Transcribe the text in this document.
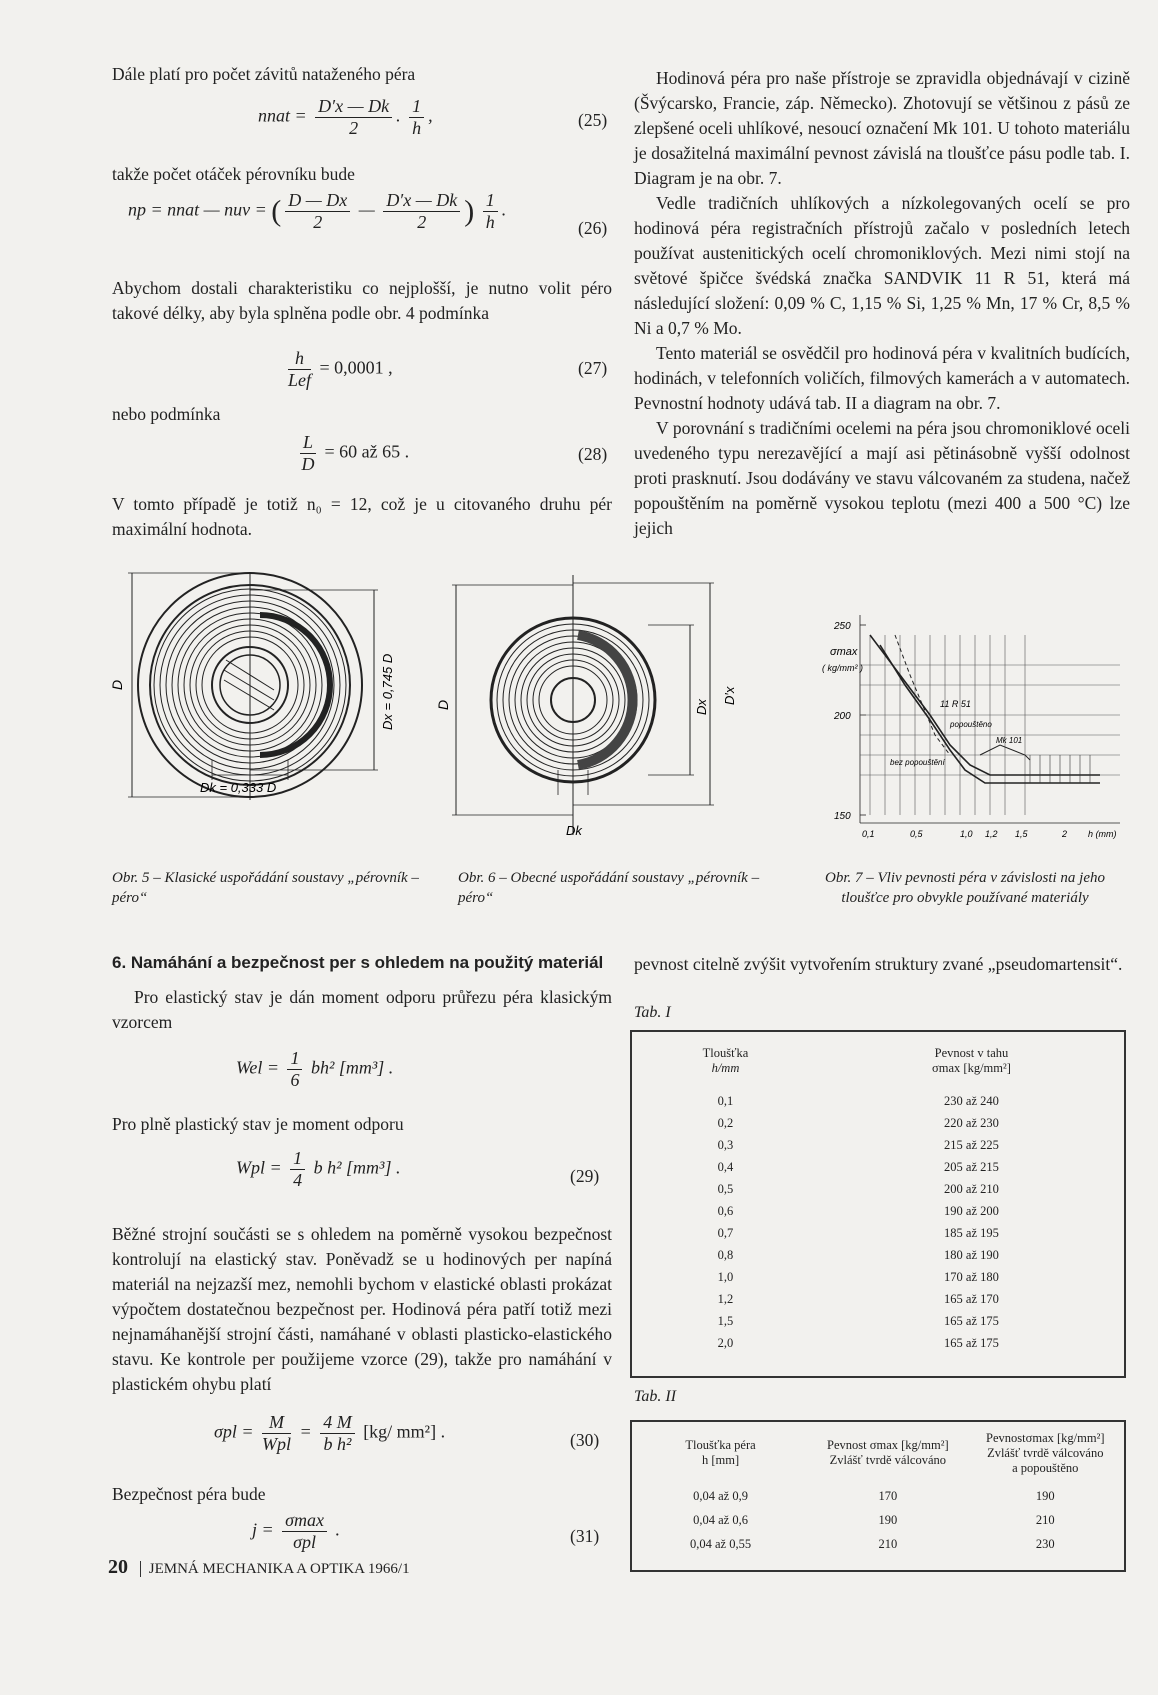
Dále platí pro počet závitů nataženého péra

nnat = $\frac{D'x — Dk}{2}$ . $\frac{1}{h}$ ,	(25)

takže počet otáček pérovníku bude

np = nnat — nuv = ( $\frac{D — Dx}{2}$ — $\frac{D'x — Dk}{2}$ ) $\frac{1}{h}$ .
(26)

Abychom dostali charakteristiku co nejplošší, je nutno volit péro takové délky, aby byla splněna podle obr. 4 podmínka

$\frac{h}{\text{Lef}} = 0,0001$ ,	(27)

nebo podmínka

$\frac{L}{D} = 60$ až 65 .	(28)

V tomto případě je totiž n₀ = 12, což je u citovaného druhu pér maximální hodnota.

Hodinová péra pro naše přístroje se zpravidla objednávají v cizině (Švýcarsko, Francie, záp. Německo). Zhotovují se většinou z pásů ze zlepšené oceli uhlíkové, nesoucí označení Mk 101. U tohoto materiálu je dosažitelná maximální pevnost závislá na tloušťce pásu podle tab. I. Diagram je na obr. 7.

Vedle tradičních uhlíkových a nízkolegovaných ocelí se pro hodinová péra registračních přístrojů začalo v posledních letech používat austenitických ocelí chromoniklových. Mezi nimi stojí na světové špičce švédská značka SANDVIK 11 R 51, která má následující složení: 0,09 % C, 1,15 % Si, 1,25 % Mn, 17 % Cr, 8,5 % Ni a 0,7 % Mo.

Tento materiál se osvědčil pro hodinová péra v kvalitních budících, hodinách, v telefonních voličích, filmových kamerách a v automatech. Pevnostní hodnoty udává tab. II a diagram na obr. 7.

V porovnání s tradičními ocelemi na péra jsou chromoniklové oceli uvedeného typu nerezavějící a mají asi pětinásobně vyšší odolnost proti prasknutí. Jsou dodávány ve stavu válcovaném za studena, načež popouštěním na poměrně vysokou teplotu (mezi 400 a 500 °C) lze jejich

D	Dx = 0,745 D
Dk = 0,333 D
D	D′x
Dx
Dk
250
200
150
σmax
( kg/mm² )
0,1	0,5	1,0 1,2 1,5	2 h (mm)
11 R 51
popouštěno
Mk 101
bez popouštění
Obr. 5 – Klasické uspořádání soustavy „pérovník – péro“
Obr. 6 – Obecné uspořádání soustavy „pérovník – péro“
Obr. 7 – Vliv pevnosti péra v závislosti na jeho tloušťce pro obvykle používané materiály

6. Namáhání a bezpečnost per s ohledem na použitý materiál

Pro elastický stav je dán moment odporu průřezu péra klasickým vzorcem

Wel = $\frac{1}{6} bh^2$ [mm³] .

Pro plně plastický stav je moment odporu

Wpl = $\frac{1}{4}$ b h² [mm³] .	(29)

Běžné strojní součásti se s ohledem na poměrně vysokou bezpečnost kontrolují na elastický stav. Poněvadž se u hodinových per napíná materiál na nejzazší mez, nemohli bychom v elastické oblasti prokázat výpočtem dostatečnou bezpečnost per. Hodinová péra patří totiž mezi nejnamáhanější strojní části, namáhané v oblasti plasticko-elastického stavu. Ke kontrole per použijeme vzorce (29), takže pro namáhání v plastickém ohybu platí

$\sigma pl = \frac{M}{\text{Wpl}} = \frac{4 M}{\text{b h²}} [kg/$ mm²] .	(30)

Bezpečnost péra bude

$j = \frac{\sigma\max}{\text{σpl}}$ .	(31)

pevnost citelně zvýšit vytvořením struktury zvané „pseudomartensit“.

Tab. I
Tloušťka
h/mm	Pevnost v tahu
σmax [kg/mm²]
0,1	230 až 240
0,2	220 až 230
0,3	215 až 225
0,4	205 až 215
0,5	200 až 210
0,6	190 až 200
0,7	185 až 195
0,8	180 až 190
1,0	170 až 180
1,2	165 až 170
1,5	165 až 175
2,0	165 až 175
Tab. II
Tloušťka péra
h [mm]	Pevnost σmax [kg/mm²]
Zvlášť tvrdě válcováno	Pevnostσmax [kg/mm²]
Zvlášť tvrdě válcováno
a popouštěno
0,04 až 0,9	170	190
0,04 až 0,6	190	210
0,04 až 0,55	210	230
20 JEMNÁ MECHANIKA A OPTIKA 1966/1
